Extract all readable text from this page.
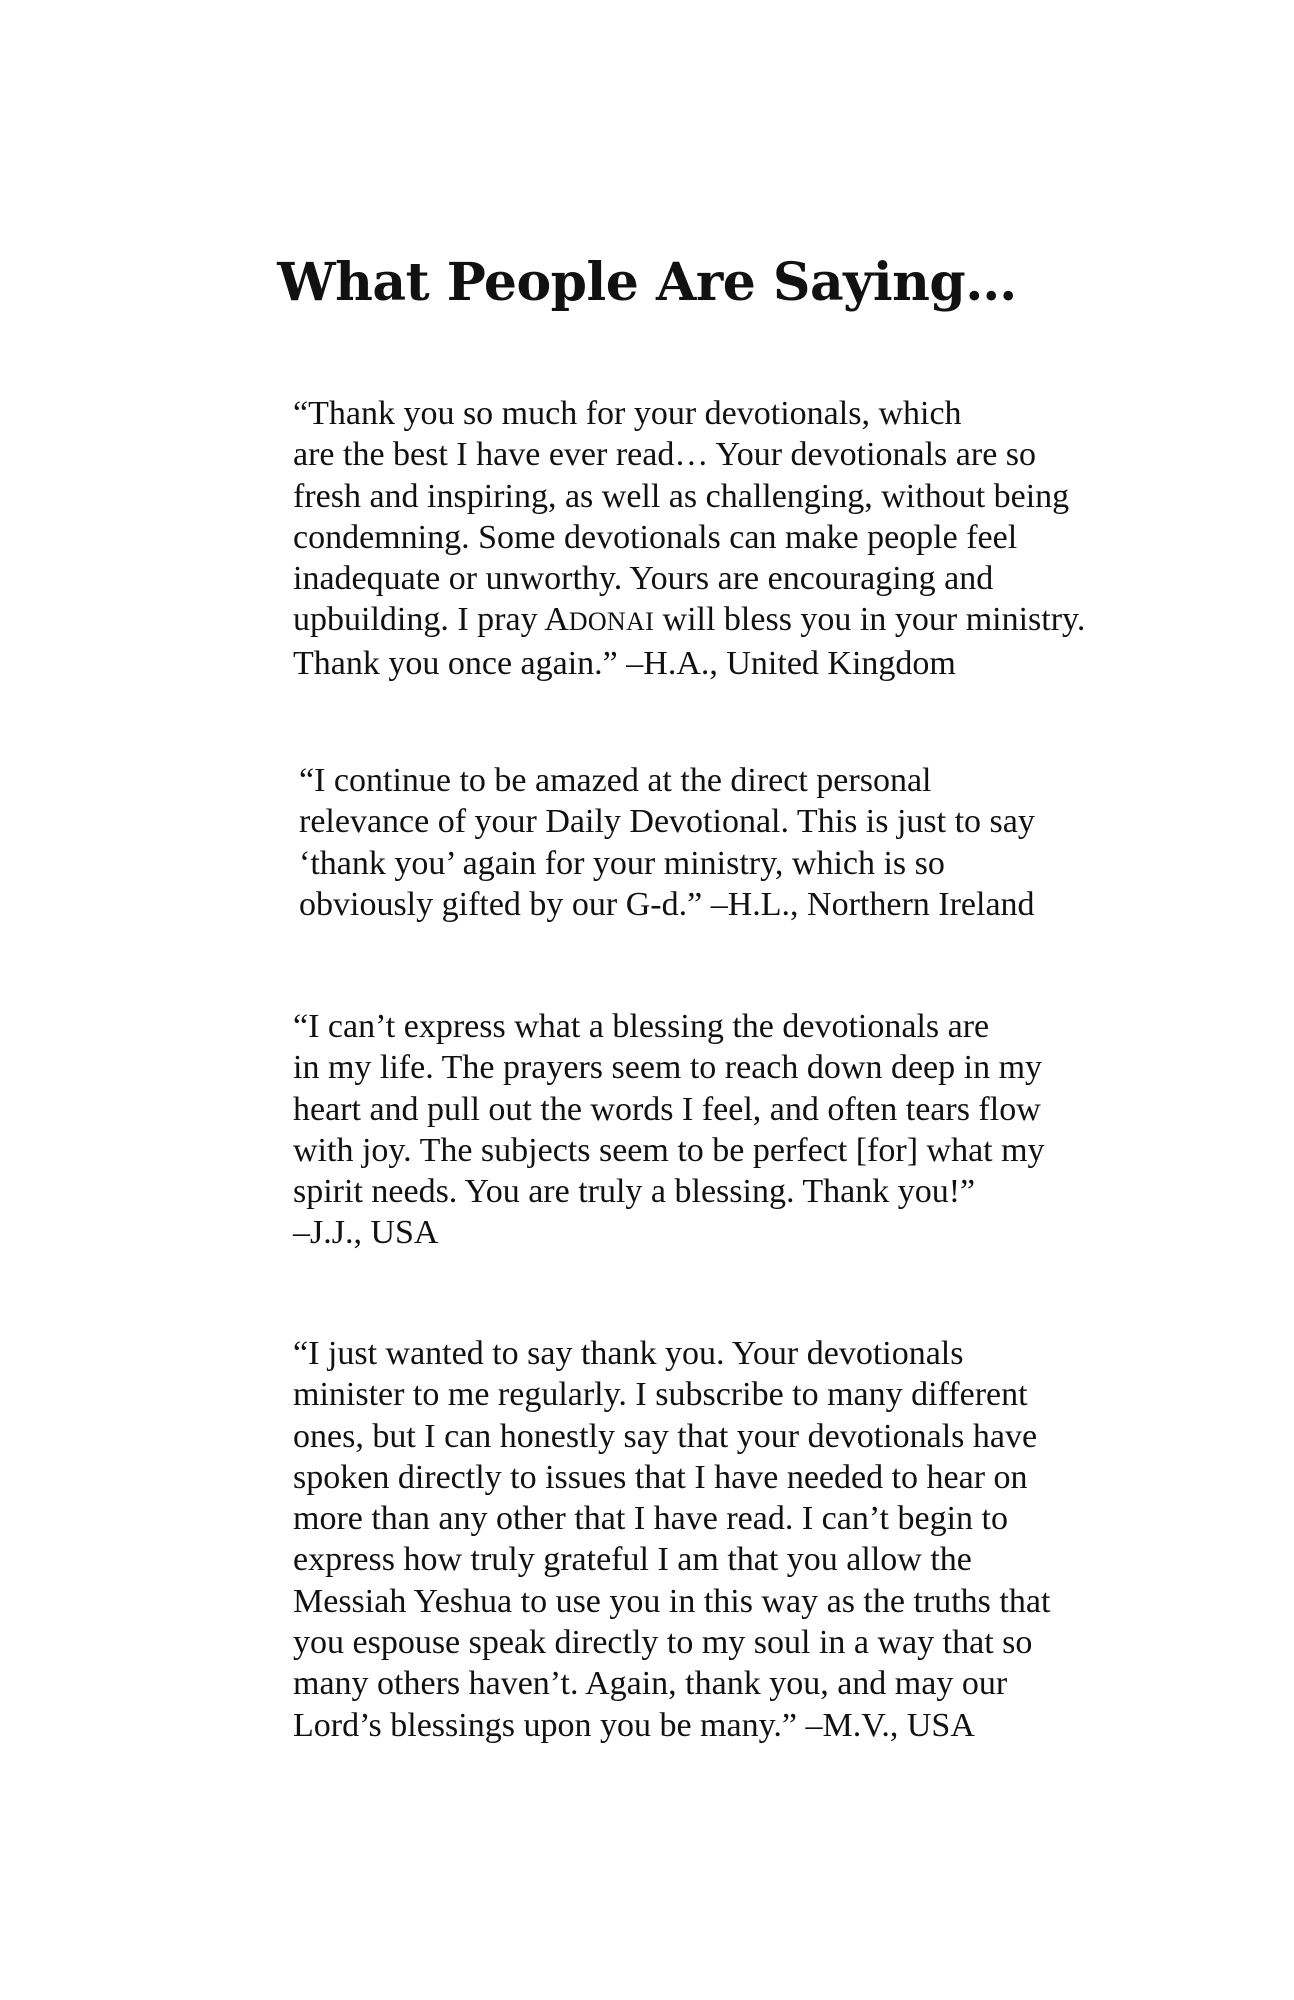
What People Are Saying…

“Thank you so much for your devotionals, which
are the best I have ever read… Your devotionals are so
fresh and inspiring, as well as challenging, without being
condemning. Some devotionals can make people feel
inadequate or unworthy. Yours are encouraging and
upbuilding. I pray ADONAI will bless you in your ministry.
Thank you once again.” –H.A., United Kingdom

“I continue to be amazed at the direct personal
relevance of your Daily Devotional. This is just to say
‘thank you’ again for your ministry, which is so
obviously gifted by our G-d.” –H.L., Northern Ireland

“I can’t express what a blessing the devotionals are
in my life. The prayers seem to reach down deep in my
heart and pull out the words I feel, and often tears flow
with joy. The subjects seem to be perfect [for] what my
spirit needs. You are truly a blessing. Thank you!”
–J.J., USA

“I just wanted to say thank you. Your devotionals
minister to me regularly. I subscribe to many different
ones, but I can honestly say that your devotionals have
spoken directly to issues that I have needed to hear on
more than any other that I have read. I can’t begin to
express how truly grateful I am that you allow the
Messiah Yeshua to use you in this way as the truths that
you espouse speak directly to my soul in a way that so
many others haven’t. Again, thank you, and may our
Lord’s blessings upon you be many.” –M.V., USA
